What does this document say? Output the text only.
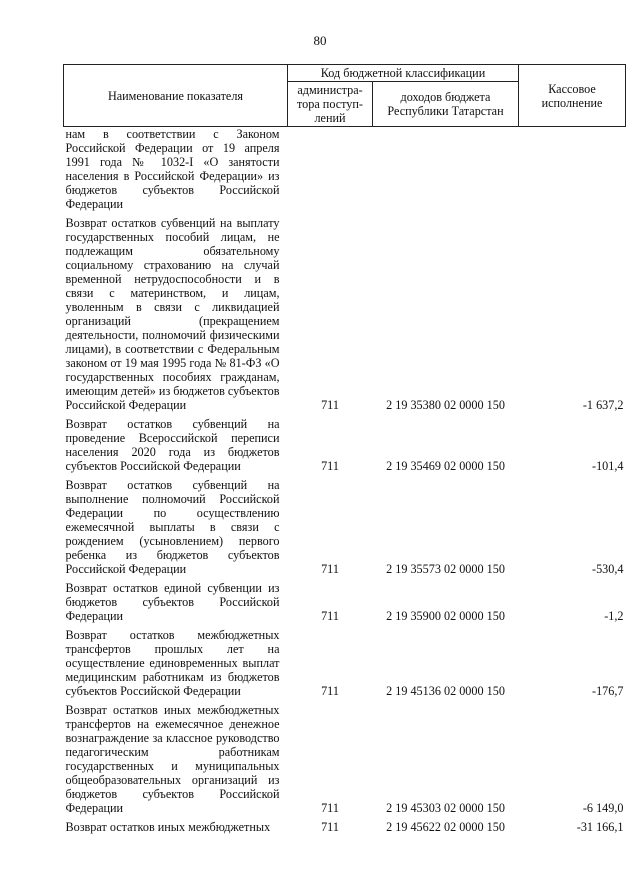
80
Наименование показателя	Код бюджетной классификации		Кассовое исполнение
	администра-тора поступ-лений	доходов бюджета Республики Татарстан	
нам в соответствии с Законом Российской Федерации от 19 апреля 1991 года № 1032-I «О занятости населения в Российской Федерации» из бюджетов субъектов Российской Федерации			
Возврат остатков субвенций на выплату государственных пособий лицам, не подлежащим обязательному социальному страхованию на случай временной нетрудоспособности и в связи с материнством, и лицам, уволенным в связи с ликвидацией организаций (прекращением деятельности, полномочий физическими лицами), в соответствии с Федеральным законом от 19 мая 1995 года № 81-ФЗ «О государственных пособиях гражданам, имеющим детей» из бюджетов субъектов Российской Федерации	711	2 19 35380 02 0000 150	-1 637,2
Возврат остатков субвенций на проведение Всероссийской переписи населения 2020 года из бюджетов субъектов Российской Федерации	711	2 19 35469 02 0000 150	-101,4
Возврат остатков субвенций на выполнение полномочий Российской Федерации по осуществлению ежемесячной выплаты в связи с рождением (усыновлением) первого ребенка из бюджетов субъектов Российской Федерации	711	2 19 35573 02 0000 150	-530,4
Возврат остатков единой субвенции из бюджетов субъектов Российской Федерации	711	2 19 35900 02 0000 150	-1,2
Возврат остатков межбюджетных трансфертов прошлых лет на осуществление единовременных выплат медицинским работникам из бюджетов субъектов Российской Федерации	711	2 19 45136 02 0000 150	-176,7
Возврат остатков иных межбюджетных трансфертов на ежемесячное денежное вознаграждение за классное руководство педагогическим работникам государственных и муниципальных общеобразовательных организаций из бюджетов субъектов Российской Федерации	711	2 19 45303 02 0000 150	-6 149,0
Возврат остатков иных межбюджетных	711	2 19 45622 02 0000 150	-31 166,1
